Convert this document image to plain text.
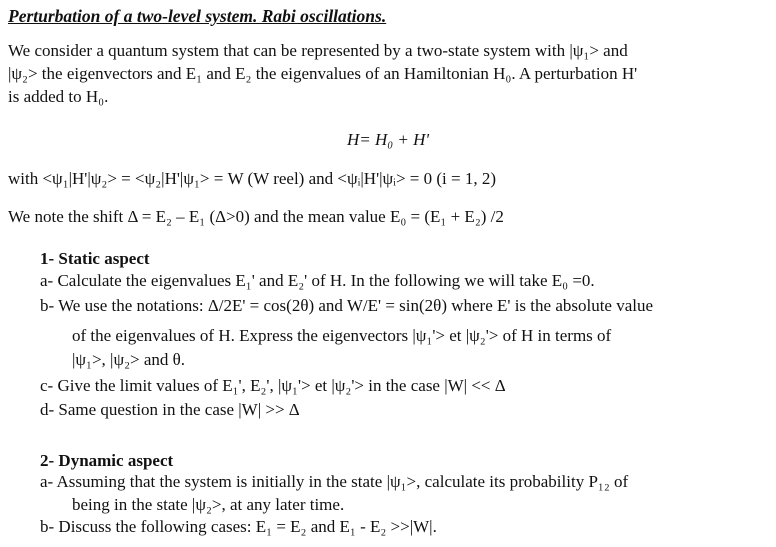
Perturbation of a two-level system. Rabi oscillations.
We consider a quantum system that can be represented by a two-state system with |ψ₁> and
|ψ₂> the eigenvectors and E₁ and E₂ the eigenvalues of an Hamiltonian H₀. A perturbation H'
is added to H₀.
H= H₀ + H'
with <ψ₁|H'|ψ₂> = <ψ₂|H'|ψ₁> = W (W reel) and <ψᵢ|H'|ψᵢ> = 0 (i = 1, 2)
We note the shift Δ = E₂ – E₁ (Δ>0) and the mean value E₀ = (E₁ + E₂) /2
1- Static aspect
a- Calculate the eigenvalues E₁' and E₂' of H. In the following we will take E₀ =0.
b- We use the notations: Δ/2E' = cos(2θ) and W/E' = sin(2θ) where E' is the absolute value
of the eigenvalues of H. Express the eigenvectors |ψ₁'> et |ψ₂'> of H in terms of
|ψ₁>, |ψ₂> and θ.
c- Give the limit values of E₁', E₂', |ψ₁'> et |ψ₂'> in the case |W| << Δ
d- Same question in the case |W| >> Δ
2- Dynamic aspect
a- Assuming that the system is initially in the state |ψ₁>, calculate its probability P₁₂ of
being in the state |ψ₂>, at any later time.
b- Discuss the following cases: E₁ = E₂ and E₁ - E₂ >>|W|.
